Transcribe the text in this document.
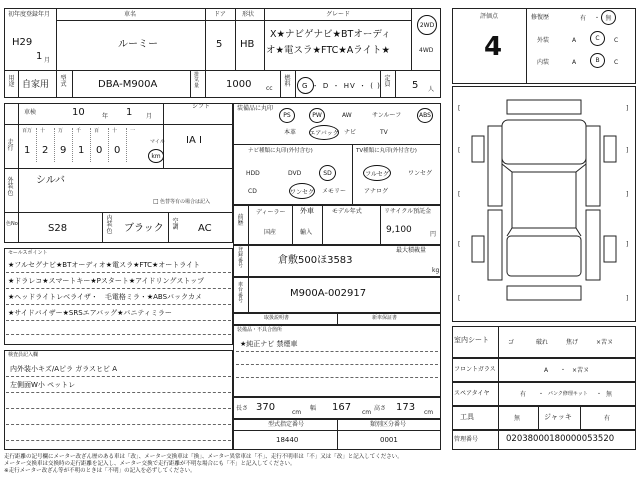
初年度登録年月
H29
1 月
車名
ルーミー
ドア
5
形状
HB
グレード
X★ナビゲナビ★BTオーディ
オ★電スラ★FTC★Aライト★
2WD
4WD
用途 自家用
型式	DBA-M900A
排気量	1000 cc
燃料 G ・ D ・ HV ・ ( )
定員 5 人
車検	10	年 1 月
シフト
IA I
走行
百万 十	万	千	百	十	一
1 2 9 1 0 0
マイル
km
外装色
シルバ
色替等有の場合は記入
□
色No.	S28
内装色 ブラック
空調 AC
セールスポイント
★フルセグナビ★BTオーディオ★電スラ★FTC★オートライト
★ドラレコ★スマートキー★Pスタート★アイドリングストップ
★ヘッドライトレベライザ・　毛電格ミラ・★ABSバックカメ
★サイドバイザー★SRSエアバッグ★バニティミラー
検査員記入欄
内外装小キズ/Aピラ ガラスヒビ A
左側面W小 ペットレ
装備品に丸印
PS	PW	AW	サンルーフ	ABS
本革 エアバッグ ナビ	TV
ナビ種類に丸印(外付含む)	TV種類に丸印(外付含む)
HDD	DVD	SD
CD	ワンセグ メモリー
フルセグ	ワンセグ
アナログ
前歴
ディーラー
国産
外車
輸入
モデル年式	リサイクル預託金
9,100	円
登録番号
最大積載量
倉敷500ほ3583
kg
車台番号
M900A-002917
取扱説明書	新車保証書
装備品・不具合箇所
★純正ナビ 禁煙車
長さ 370	cm
幅 167 cm
高さ 173 cm
型式指定番号
18440
類別区分番号
0001
評価点
4
修復歴	有 ・ 無
外装	A	C	C
内装	A	B	C
[	]
[	]
[	]
[	]
[	]
室内シート	ゴ	破れ	焦げ	×苦ヌ
フロントガラス	A ・ ×苦ヌ
スペアタイヤ	有 ・ パンク修理キット ・ 無
工具	無	ジャッキ	有
管理番号	02038000180000053520
走行距離の記号欄にメーター改ざん歴のある車は「改」、メーター交換車は「換」、メーター異常車は「不」、走行不明車は「不」又は「改」と記入してください。
メーター交換車は交換時の走行距離を記入し、メーター交換で走行距離が不明な場合にも「不」と記入してください。
※走行メーター改ざん等が不明のときは「不明」の記入を必ずしてください。
